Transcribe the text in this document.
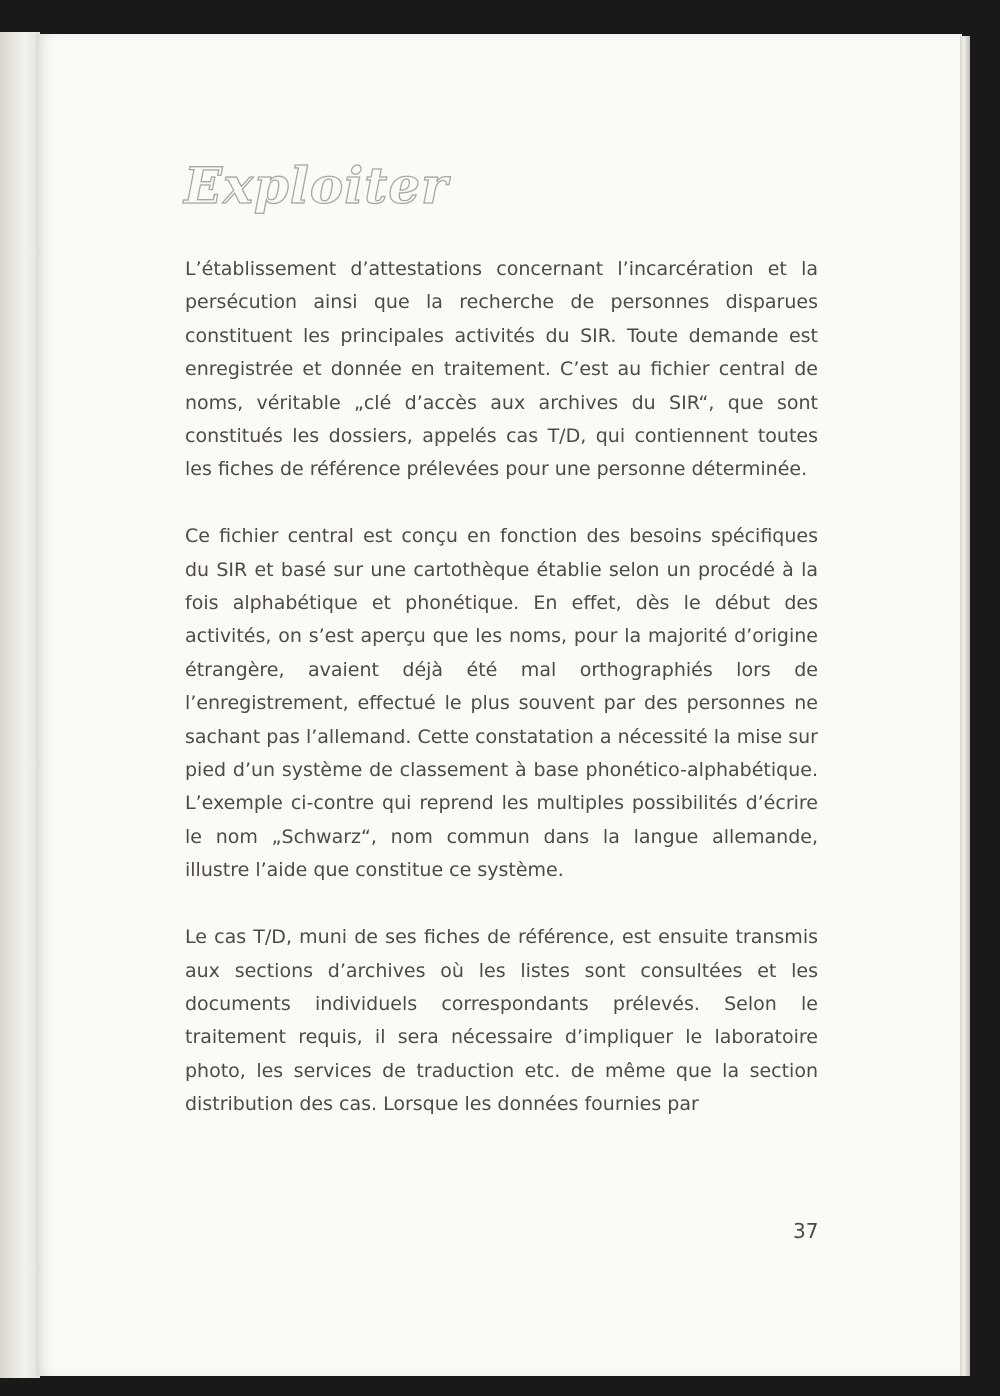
Exploiter

L’établissement d’attestations concernant l’incarcération et la persécution ainsi que la recherche de personnes disparues constituent les principales activités du SIR. Toute demande est enregistrée et donnée en traitement. C’est au fichier central de noms, véritable „clé d’accès aux archives du SIR“, que sont constitués les dossiers, appelés cas T/D, qui contiennent toutes les fiches de référence prélevées pour une personne déterminée.

Ce fichier central est conçu en fonction des besoins spécifiques du SIR et basé sur une cartothèque établie selon un procédé à la fois alphabétique et phonétique. En effet, dès le début des activités, on s’est aperçu que les noms, pour la majorité d’origine étrangère, avaient déjà été mal orthographiés lors de l’enregistrement, effectué le plus souvent par des personnes ne sachant pas l’allemand. Cette constatation a nécessité la mise sur pied d’un système de classement à base phonético-alphabétique. L’exemple ci-contre qui reprend les multiples possibilités d’écrire le nom „Schwarz“, nom commun dans la langue allemande, illustre l’aide que constitue ce système.

Le cas T/D, muni de ses fiches de référence, est ensuite transmis aux sections d’archives où les listes sont consultées et les documents individuels correspondants prélevés. Selon le traitement requis, il sera nécessaire d’impliquer le laboratoire photo, les services de traduction etc. de même que la section distribution des cas. Lorsque les données fournies par

37
